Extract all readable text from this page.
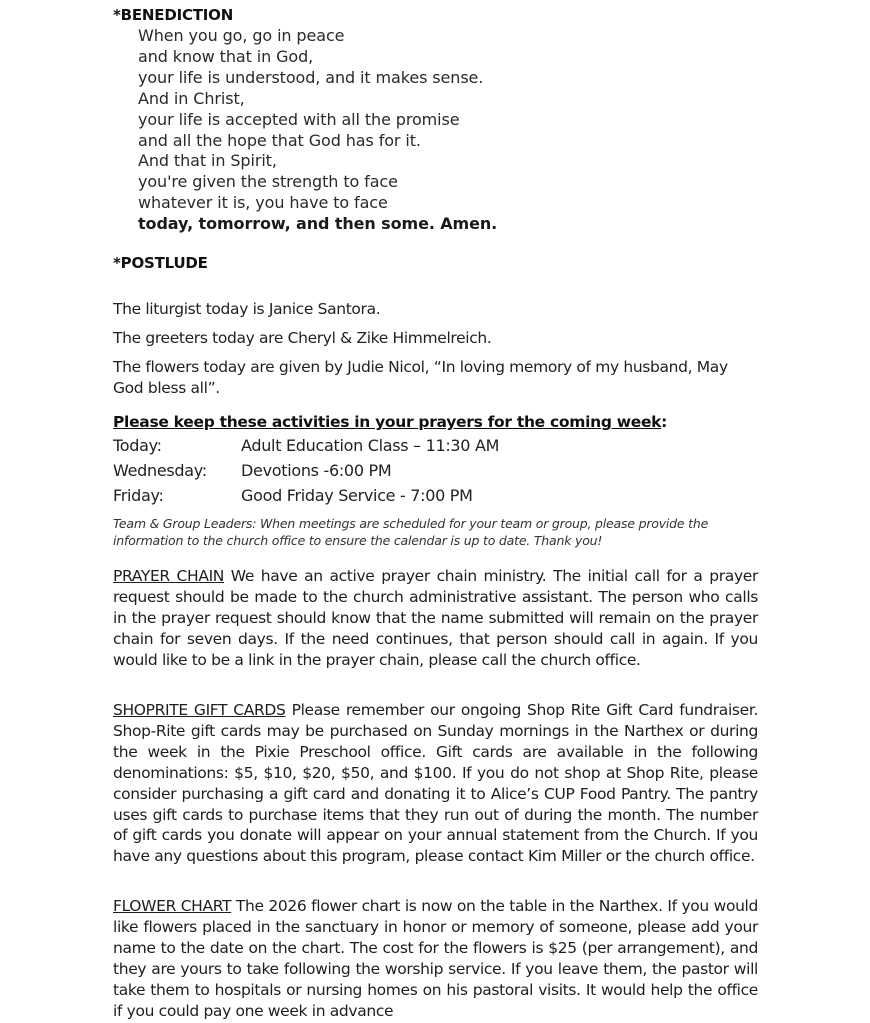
*BENEDICTION
When you go, go in peace
and know that in God,
your life is understood, and it makes sense.
And in Christ,
your life is accepted with all the promise
and all the hope that God has for it.
And that in Spirit,
you're given the strength to face
whatever it is, you have to face
today, tomorrow, and then some. Amen.
*POSTLUDE
The liturgist today is Janice Santora.
The greeters today are Cheryl & Zike Himmelreich.
The flowers today are given by Judie Nicol, “In loving memory of my husband, May God bless all”.
Please keep these activities in your prayers for the coming week:
Today:	Adult Education Class – 11:30 AM
Wednesday: Devotions -6:00 PM
Friday:	Good Friday Service - 7:00 PM
Team & Group Leaders: When meetings are scheduled for your team or group, please provide the information to the church office to ensure the calendar is up to date. Thank you!
PRAYER CHAIN We have an active prayer chain ministry. The initial call for a prayer request should be made to the church administrative assistant. The person who calls in the prayer request should know that the name submitted will remain on the prayer chain for seven days. If the need continues, that person should call in again. If you would like to be a link in the prayer chain, please call the church office.
SHOPRITE GIFT CARDS Please remember our ongoing Shop Rite Gift Card fundraiser. Shop-Rite gift cards may be purchased on Sunday mornings in the Narthex or during the week in the Pixie Preschool office. Gift cards are available in the following denominations: $5, $10, $20, $50, and $100. If you do not shop at Shop Rite, please consider purchasing a gift card and donating it to Alice’s CUP Food Pantry. The pantry uses gift cards to purchase items that they run out of during the month. The number of gift cards you donate will appear on your annual statement from the Church. If you have any questions about this program, please contact Kim Miller or the church office.
FLOWER CHART The 2026 flower chart is now on the table in the Narthex. If you would like flowers placed in the sanctuary in honor or memory of someone, please add your name to the date on the chart. The cost for the flowers is $25 (per arrangement), and they are yours to take following the worship service. If you leave them, the pastor will take them to hospitals or nursing homes on his pastoral visits. It would help the office if you could pay one week in advance
